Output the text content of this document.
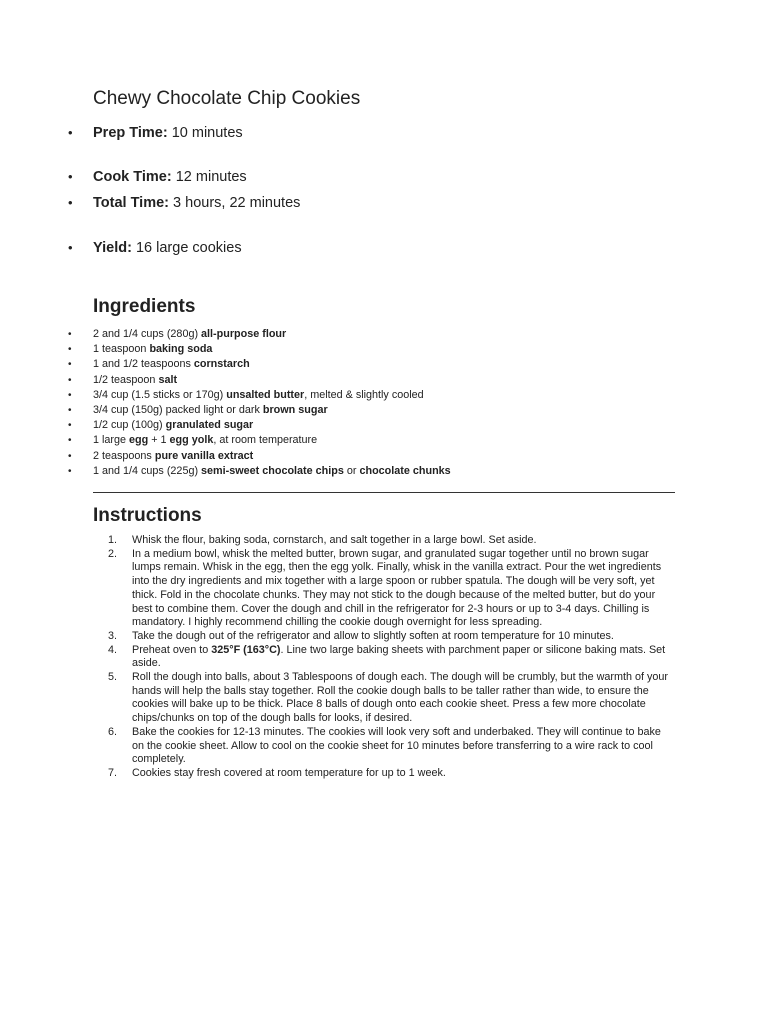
Chewy Chocolate Chip Cookies
• Prep Time: 10 minutes
• Cook Time: 12 minutes
• Total Time: 3 hours, 22 minutes
• Yield: 16 large cookies
Ingredients
• 2 and 1/4 cups (280g) all-purpose flour
• 1 teaspoon baking soda
• 1 and 1/2 teaspoons cornstarch
• 1/2 teaspoon salt
• 3/4 cup (1.5 sticks or 170g) unsalted butter, melted & slightly cooled
• 3/4 cup (150g) packed light or dark brown sugar
• 1/2 cup (100g) granulated sugar
• 1 large egg + 1 egg yolk, at room temperature
• 2 teaspoons pure vanilla extract
• 1 and 1/4 cups (225g) semi-sweet chocolate chips or chocolate chunks
Instructions
1. Whisk the flour, baking soda, cornstarch, and salt together in a large bowl. Set aside.
2. In a medium bowl, whisk the melted butter, brown sugar, and granulated sugar together until no brown sugar lumps remain. Whisk in the egg, then the egg yolk. Finally, whisk in the vanilla extract. Pour the wet ingredients into the dry ingredients and mix together with a large spoon or rubber spatula. The dough will be very soft, yet thick. Fold in the chocolate chunks. They may not stick to the dough because of the melted butter, but do your best to combine them. Cover the dough and chill in the refrigerator for 2-3 hours or up to 3-4 days. Chilling is mandatory. I highly recommend chilling the cookie dough overnight for less spreading.
3. Take the dough out of the refrigerator and allow to slightly soften at room temperature for 10 minutes.
4. Preheat oven to 325°F (163°C). Line two large baking sheets with parchment paper or silicone baking mats. Set aside.
5. Roll the dough into balls, about 3 Tablespoons of dough each. The dough will be crumbly, but the warmth of your hands will help the balls stay together. Roll the cookie dough balls to be taller rather than wide, to ensure the cookies will bake up to be thick. Place 8 balls of dough onto each cookie sheet. Press a few more chocolate chips/chunks on top of the dough balls for looks, if desired.
6. Bake the cookies for 12-13 minutes. The cookies will look very soft and underbaked. They will continue to bake on the cookie sheet. Allow to cool on the cookie sheet for 10 minutes before transferring to a wire rack to cool completely.
7. Cookies stay fresh covered at room temperature for up to 1 week.
